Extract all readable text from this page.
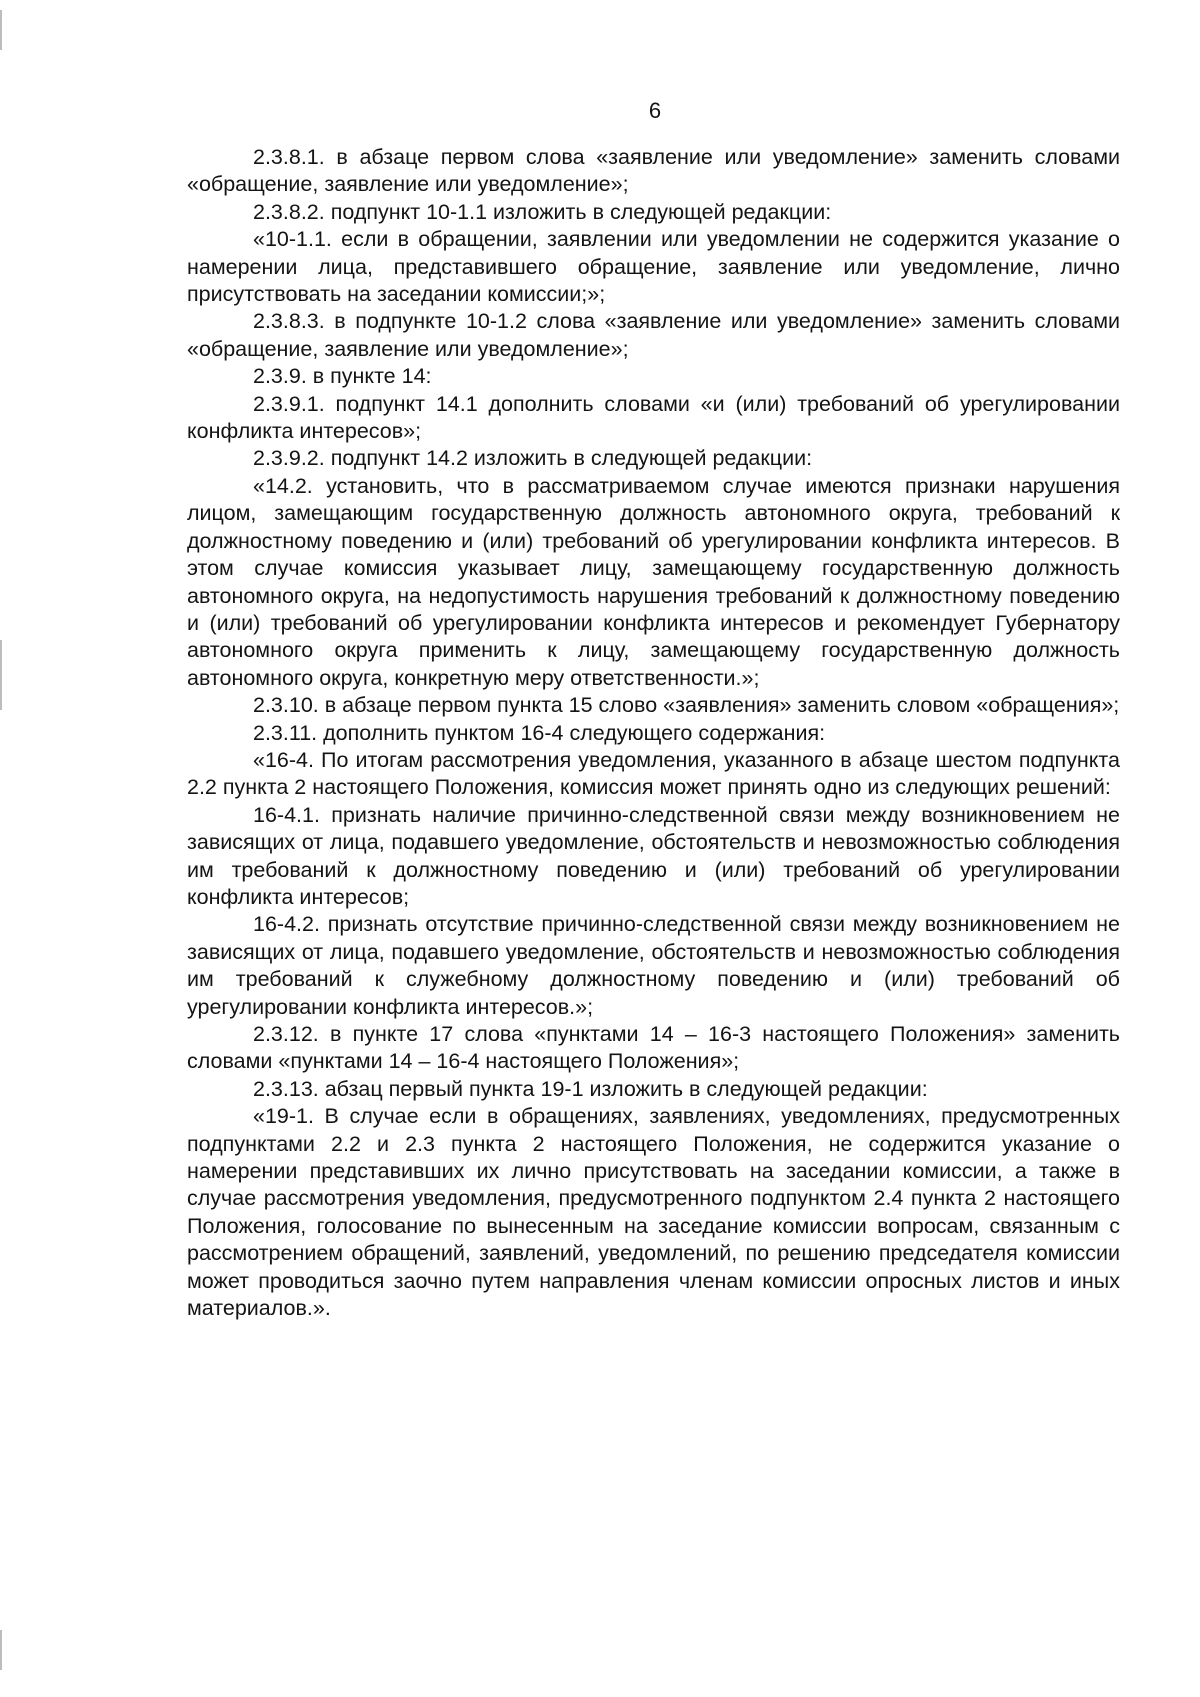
6

2.3.8.1. в абзаце первом слова «заявление или уведомление» заменить словами «обращение, заявление или уведомление»;

2.3.8.2. подпункт 10-1.1 изложить в следующей редакции:

«10-1.1. если в обращении, заявлении или уведомлении не содержится указание о намерении лица, представившего обращение, заявление или уведомление, лично присутствовать на заседании комиссии;»;

2.3.8.3. в подпункте 10-1.2 слова «заявление или уведомление» заменить словами «обращение, заявление или уведомление»;

2.3.9. в пункте 14:

2.3.9.1. подпункт 14.1 дополнить словами «и (или) требований об урегулировании конфликта интересов»;

2.3.9.2. подпункт 14.2 изложить в следующей редакции:

«14.2. установить, что в рассматриваемом случае имеются признаки нарушения лицом, замещающим государственную должность автономного округа, требований к должностному поведению и (или) требований об урегулировании конфликта интересов. В этом случае комиссия указывает лицу, замещающему государственную должность автономного округа, на недопустимость нарушения требований к должностному поведению и (или) требований об урегулировании конфликта интересов и рекомендует Губернатору автономного округа применить к лицу, замещающему государственную должность автономного округа, конкретную меру ответственности.»;

2.3.10. в абзаце первом пункта 15 слово «заявления» заменить словом «обращения»;

2.3.11. дополнить пунктом 16-4 следующего содержания:

«16-4. По итогам рассмотрения уведомления, указанного в абзаце шестом подпункта 2.2 пункта 2 настоящего Положения, комиссия может принять одно из следующих решений:

16-4.1. признать наличие причинно-следственной связи между возникновением не зависящих от лица, подавшего уведомление, обстоятельств и невозможностью соблюдения им требований к должностному поведению и (или) требований об урегулировании конфликта интересов;

16-4.2. признать отсутствие причинно-следственной связи между возникновением не зависящих от лица, подавшего уведомление, обстоятельств и невозможностью соблюдения им требований к служебному должностному поведению и (или) требований об урегулировании конфликта интересов.»;

2.3.12. в пункте 17 слова «пунктами 14 – 16-3 настоящего Положения» заменить словами «пунктами 14 – 16-4 настоящего Положения»;

2.3.13. абзац первый пункта 19-1 изложить в следующей редакции:

«19-1. В случае если в обращениях, заявлениях, уведомлениях, предусмотренных подпунктами 2.2 и 2.3 пункта 2 настоящего Положения, не содержится указание о намерении представивших их лично присутствовать на заседании комиссии, а также в случае рассмотрения уведомления, предусмотренного подпунктом 2.4 пункта 2 настоящего Положения, голосование по вынесенным на заседание комиссии вопросам, связанным с рассмотрением обращений, заявлений, уведомлений, по решению председателя комиссии может проводиться заочно путем направления членам комиссии опросных листов и иных материалов.».
